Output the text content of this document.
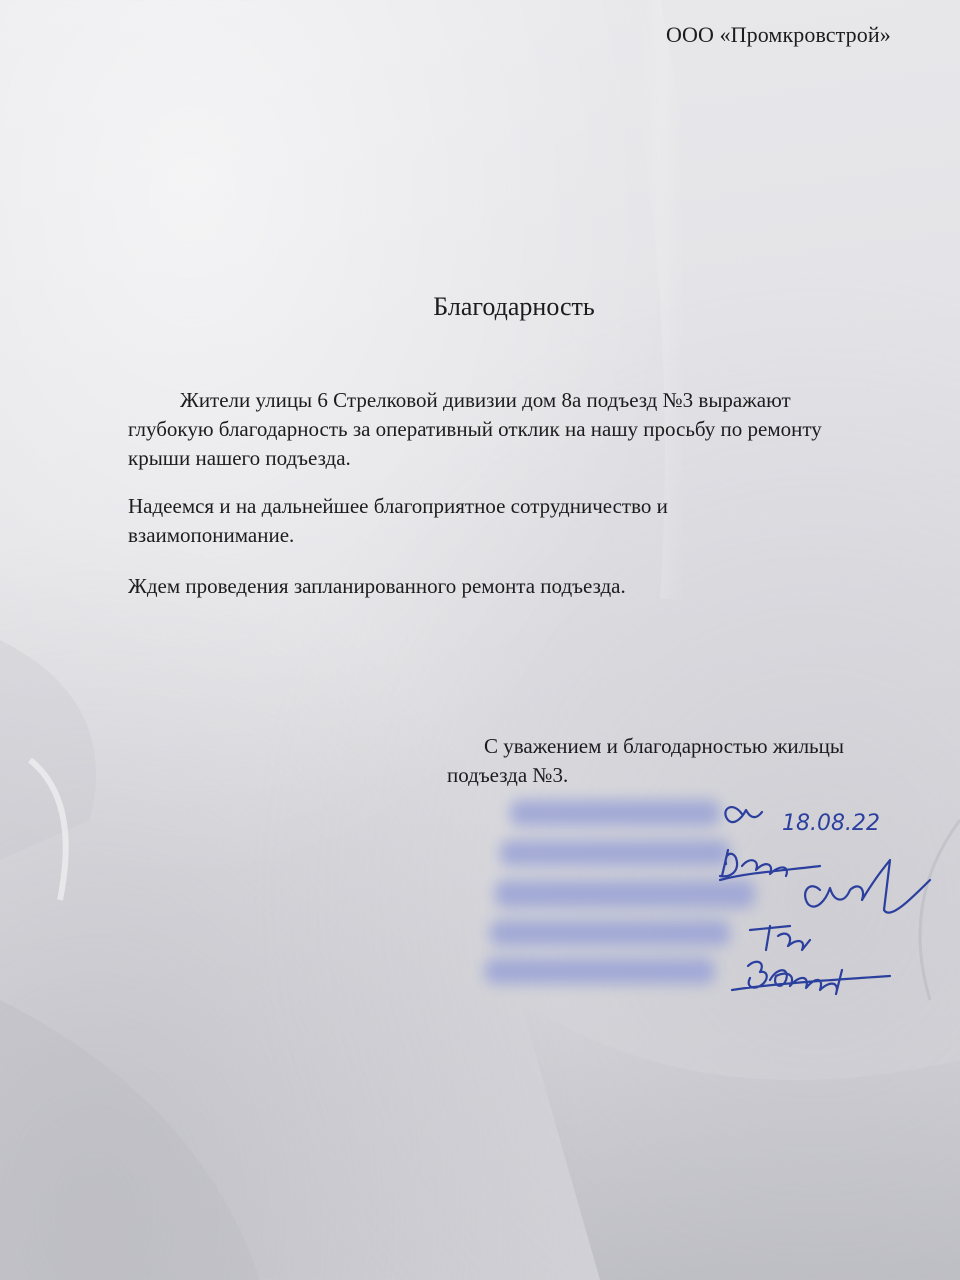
ООО «Промкровстрой»
Благодарность
Жители улицы 6 Стрелковой дивизии дом 8а подъезд №3 выражают
глубокую благодарность за оперативный отклик на нашу просьбу по ремонту
крыши нашего подъезда.
Надеемся и на дальнейшее благоприятное сотрудничество и
взаимопонимание.
Ждем проведения запланированного ремонта подъезда.
С уважением и благодарностью жильцы
подъезда №3.
18.08.22
